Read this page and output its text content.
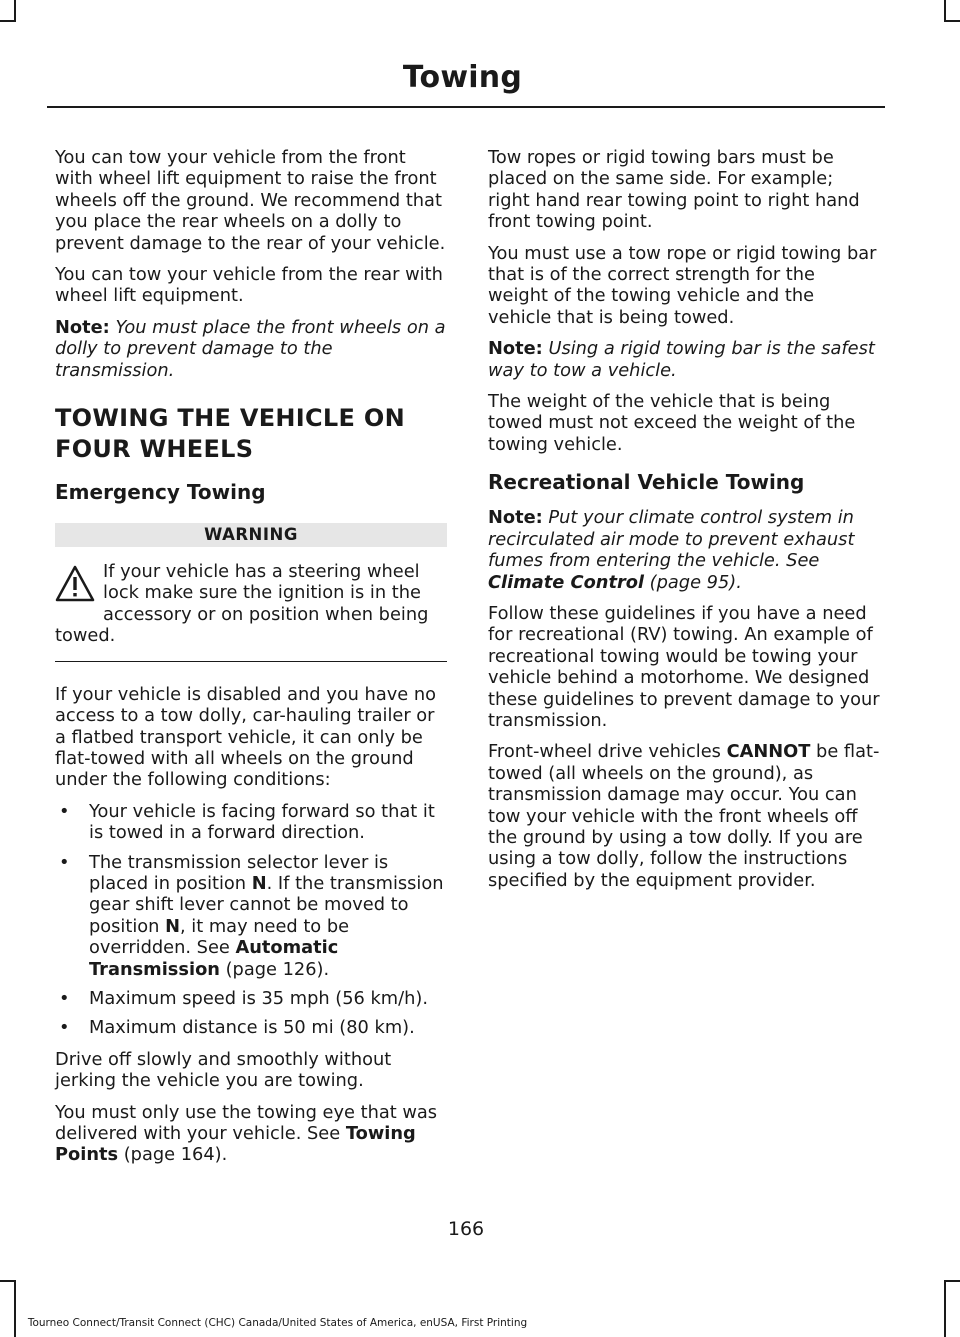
Towing

You can tow your vehicle from the front with wheel lift equipment to raise the front wheels off the ground. We recommend that you place the rear wheels on a dolly to prevent damage to the rear of your vehicle.

You can tow your vehicle from the rear with wheel lift equipment.

Note: You must place the front wheels on a dolly to prevent damage to the transmission.

TOWING THE VEHICLE ON
FOUR WHEELS
Emergency Towing
WARNING
If your vehicle has a steering wheel lock make sure the ignition is in the accessory or on position when being towed.

If your vehicle is disabled and you have no access to a tow dolly, car-hauling trailer or a flatbed transport vehicle, it can only be flat-towed with all wheels on the ground under the following conditions:

• Your vehicle is facing forward so that it is towed in a forward direction.
• The transmission selector lever is placed in position N. If the transmission gear shift lever cannot be moved to position N, it may need to be overridden. See Automatic Transmission (page 126).
• Maximum speed is 35 mph (56 km/h).
• Maximum distance is 50 mi (80 km).

Drive off slowly and smoothly without jerking the vehicle you are towing.

You must only use the towing eye that was delivered with your vehicle. See Towing Points (page 164).

Tow ropes or rigid towing bars must be placed on the same side. For example; right hand rear towing point to right hand front towing point.

You must use a tow rope or rigid towing bar that is of the correct strength for the weight of the towing vehicle and the vehicle that is being towed.

Note: Using a rigid towing bar is the safest way to tow a vehicle.

The weight of the vehicle that is being towed must not exceed the weight of the towing vehicle.

Recreational Vehicle Towing

Note: Put your climate control system in recirculated air mode to prevent exhaust fumes from entering the vehicle. See Climate Control (page 95).

Follow these guidelines if you have a need for recreational (RV) towing. An example of recreational towing would be towing your vehicle behind a motorhome. We designed these guidelines to prevent damage to your transmission.

Front-wheel drive vehicles CANNOT be flat-towed (all wheels on the ground), as transmission damage may occur. You can tow your vehicle with the front wheels off the ground by using a tow dolly. If you are using a tow dolly, follow the instructions specified by the equipment provider.

166
Tourneo Connect/Transit Connect (CHC) Canada/United States of America, enUSA, First Printing
